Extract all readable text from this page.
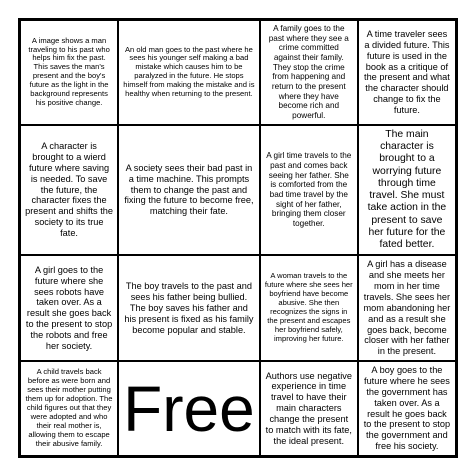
A image shows a man traveling to his past who helps him fix the past. This saves the man's present and the boy's future as the light in the background represents his positive change.
An old man goes to the past where he sees his younger self making a bad mistake which causes him to be paralyzed in the future. He stops himself from making the mistake and is healthy when returning to the present.
A family goes to the past where they see a crime committed against their family. They stop the crime from happening and return to the present where they have become rich and powerful.
A time traveler sees a divided future. This future is used in the book as a critique of the present and what the character should change to fix the future.
A character is brought to a wierd future where saving is needed. To save the future, the character fixes the present and shifts the society to its true fate.
A society sees their bad past in a time machine. This prompts them to change the past and fixing the future to become free, matching their fate.
A girl time travels to the past and comes back seeing her father. She is comforted from the bad time travel by the sight of her father, bringing them closer together.
The main character is brought to a worrying future through time travel. She must take action in the present to save her future for the fated better.
A girl goes to the future where she sees robots have taken over. As a result she goes back to the present to stop the robots and free her society.
The boy travels to the past and sees his father being bullied. The boy saves his father and his present is fixed as his family become popular and stable.
A woman travels to the future where she sees her boyfriend have become abusive. She then recognizes the signs in the present and escapes her boyfriend safely, improving her future.
A girl has a disease and she meets her mom in her time travels. She sees her mom abandoning her and as a result she goes back, become closer with her father in the present.
A child travels back before as were born and sees their mother putting them up for adoption. The child figures out that they were adopted and who their real mother is, allowing them to escape their abusive family. Free Authors use negative experience in time travel to have their main characters change the present to match with its fate, the ideal present.
A boy goes to the future where he sees the government has taken over. As a result he goes back to the present to stop the government and free his society.
